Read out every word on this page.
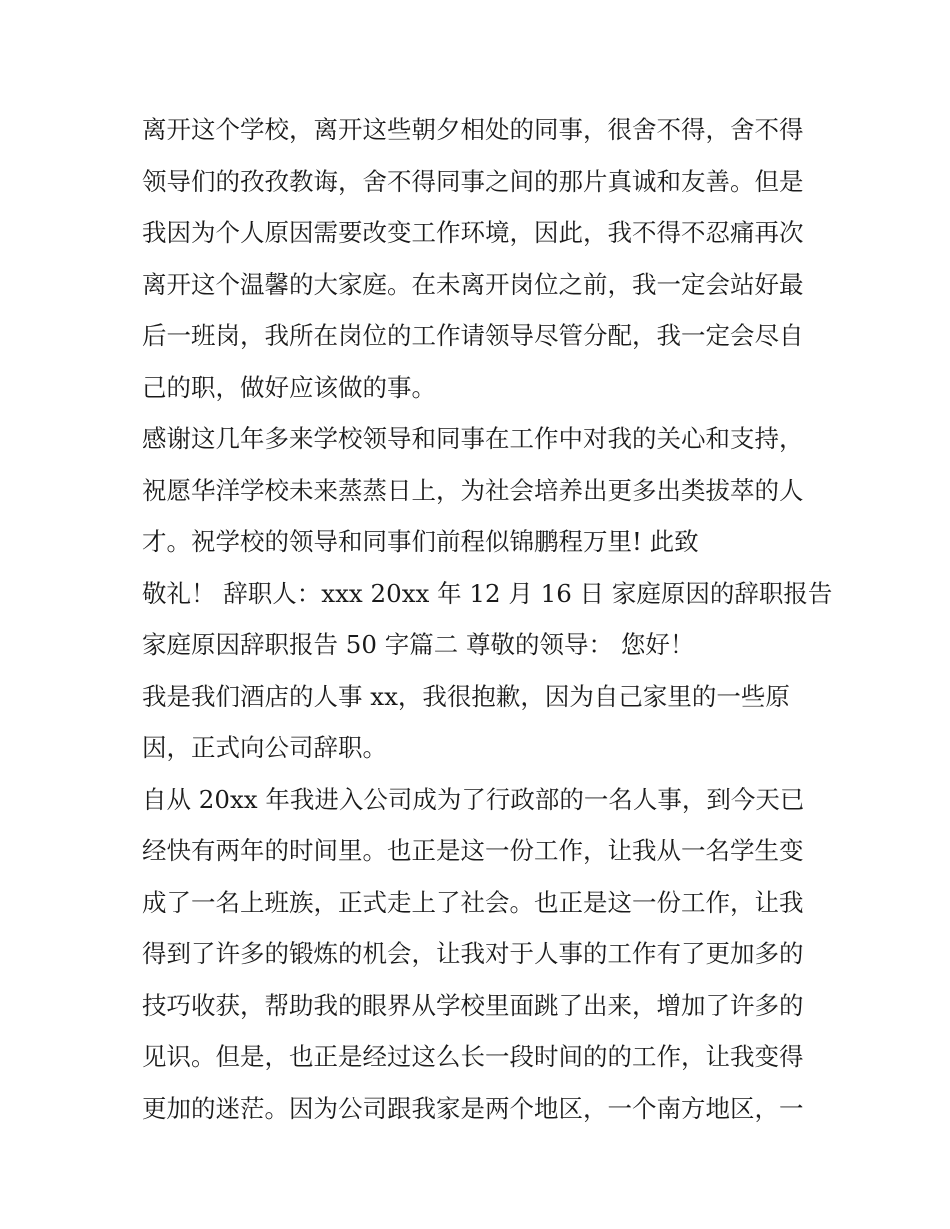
离开这个学校，离开这些朝夕相处的同事，很舍不得，舍不得
领导们的孜孜教诲，舍不得同事之间的那片真诚和友善。但是
我因为个人原因需要改变工作环境，因此，我不得不忍痛再次
离开这个温馨的大家庭。在未离开岗位之前，我一定会站好最
后一班岗，我所在岗位的工作请领导尽管分配，我一定会尽自
己的职，做好应该做的事。
感谢这几年多来学校领导和同事在工作中对我的关心和支持，
祝愿华洋学校未来蒸蒸日上，为社会培养出更多出类拔萃的人
才。祝学校的领导和同事们前程似锦鹏程万里! 此致
敬礼！ 辞职人：xxx 20xx 年 12 月 16 日 家庭原因的辞职报告
家庭原因辞职报告 50 字篇二 尊敬的领导： 您好！
我是我们酒店的人事 xx，我很抱歉，因为自己家里的一些原
因，正式向公司辞职。
自从 20xx 年我进入公司成为了行政部的一名人事，到今天已
经快有两年的时间里。也正是这一份工作，让我从一名学生变
成了一名上班族，正式走上了社会。也正是这一份工作，让我
得到了许多的锻炼的机会，让我对于人事的工作有了更加多的
技巧收获，帮助我的眼界从学校里面跳了出来，增加了许多的
见识。但是，也正是经过这么长一段时间的的工作，让我变得
更加的迷茫。因为公司跟我家是两个地区，一个南方地区，一
